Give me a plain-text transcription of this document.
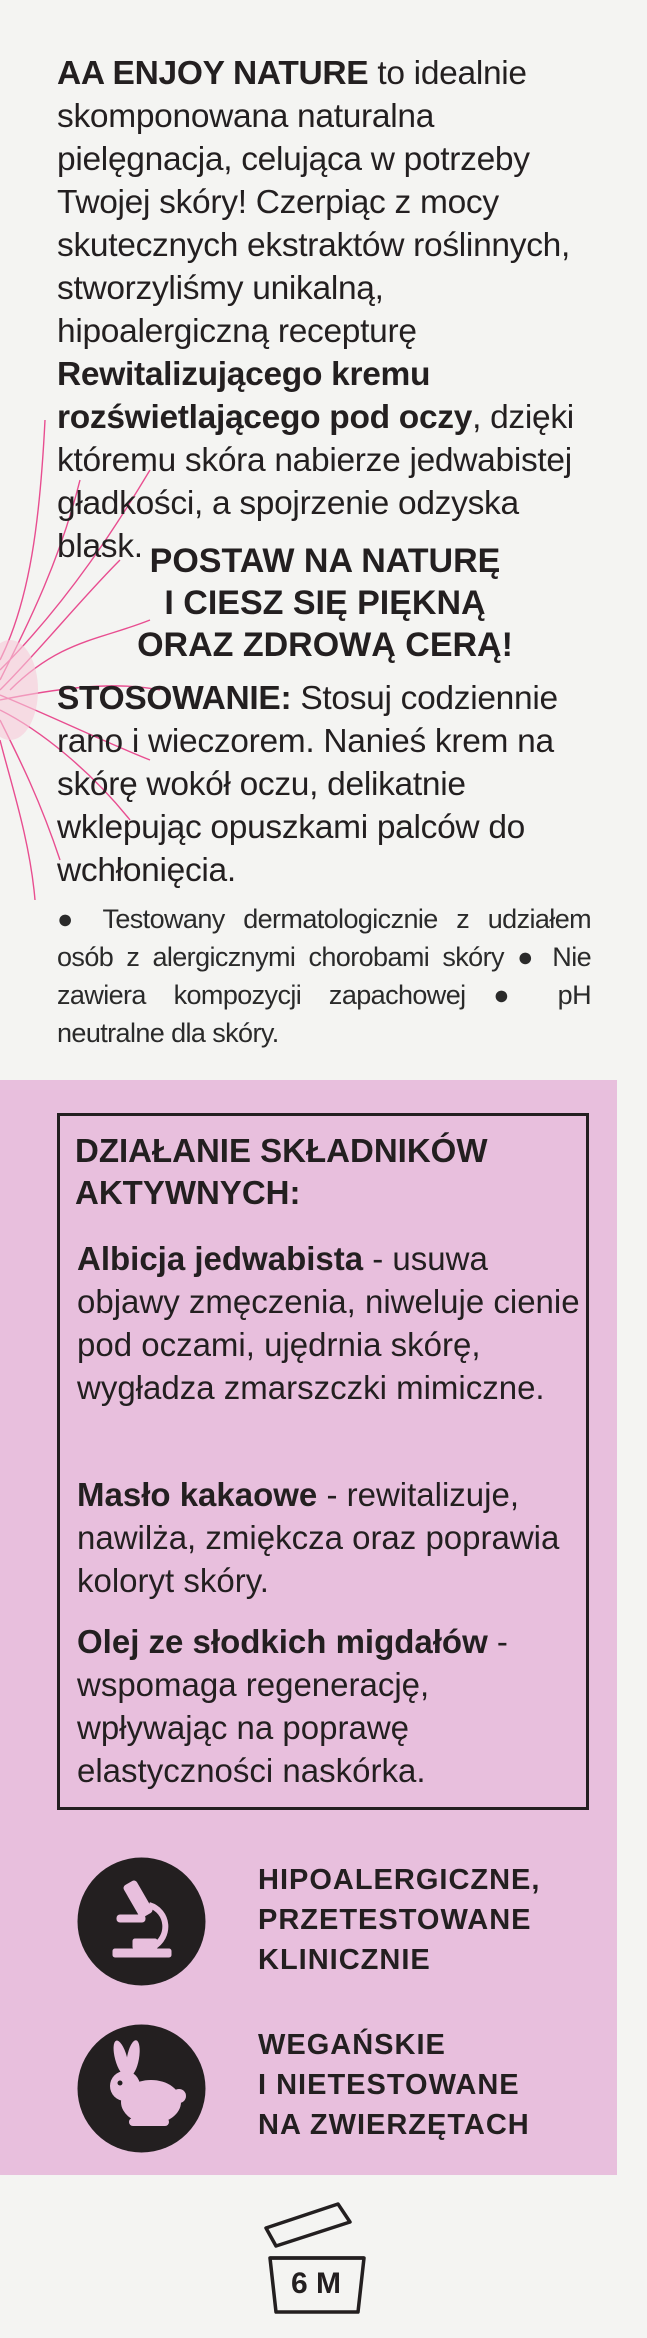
AA ENJOY NATURE to idealnie skomponowana naturalna pielęgnacja, celująca w potrzeby Twojej skóry! Czerpiąc z mocy skutecznych ekstraktów roślinnych, stworzyliśmy unikalną, hipoalergiczną recepturę Rewitalizującego kremu rozświetlającego pod oczy, dzięki któremu skóra nabierze jedwabistej gładkości, a spojrzenie odzyska blask. POSTAW NA NATURĘ
I CIESZ SIĘ PIĘKNĄ
ORAZ ZDROWĄ CERĄ!
STOSOWANIE: Stosuj codziennie rano i wieczorem. Nanieś krem na skórę wokół oczu, delikatnie wklepując opuszkami palców do wchłonięcia.
● Testowany dermatologicznie z udziałem osób z alergicznymi chorobami skóry ● Nie zawiera kompozycji zapachowej ● pH neutralne dla skóry.
DZIAŁANIE SKŁADNIKÓW
AKTYWNYCH:
Albicja jedwabista - usuwa objawy zmęczenia, niweluje cienie pod oczami, ujędrnia skórę, wygładza zmarszczki mimiczne.
Masło kakaowe - rewitalizuje, nawilża, zmiękcza oraz poprawia koloryt skóry.
Olej ze słodkich migdałów - wspomaga regenerację, wpływając na poprawę elastyczności naskórka.
HIPOALERGICZNE,
PRZETESTOWANE
KLINICZNIE
WEGAŃSKIE
I NIETESTOWANE
NA ZWIERZĘTACH
6 M
